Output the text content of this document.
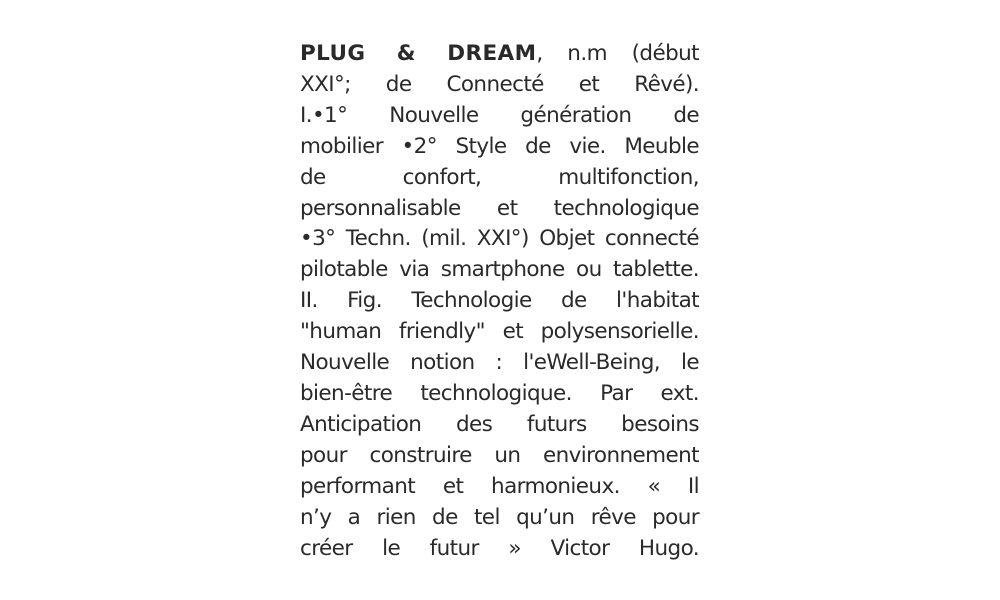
PLUG & DREAM, n.m (début
XXI°; de Connecté et Rêvé).
I.•1° Nouvelle génération de
mobilier •2° Style de vie. Meuble
de confort, multifonction,
personnalisable et technologique
•3° Techn. (mil. XXI°) Objet connecté
pilotable via smartphone ou tablette.
II. Fig. Technologie de l'habitat
"human friendly" et polysensorielle.
Nouvelle notion : l'eWell-Being, le
bien-être technologique. Par ext.
Anticipation des futurs besoins
pour construire un environnement
performant et harmonieux. « Il
n’y a rien de tel qu’un rêve pour
créer le futur » Victor Hugo.
